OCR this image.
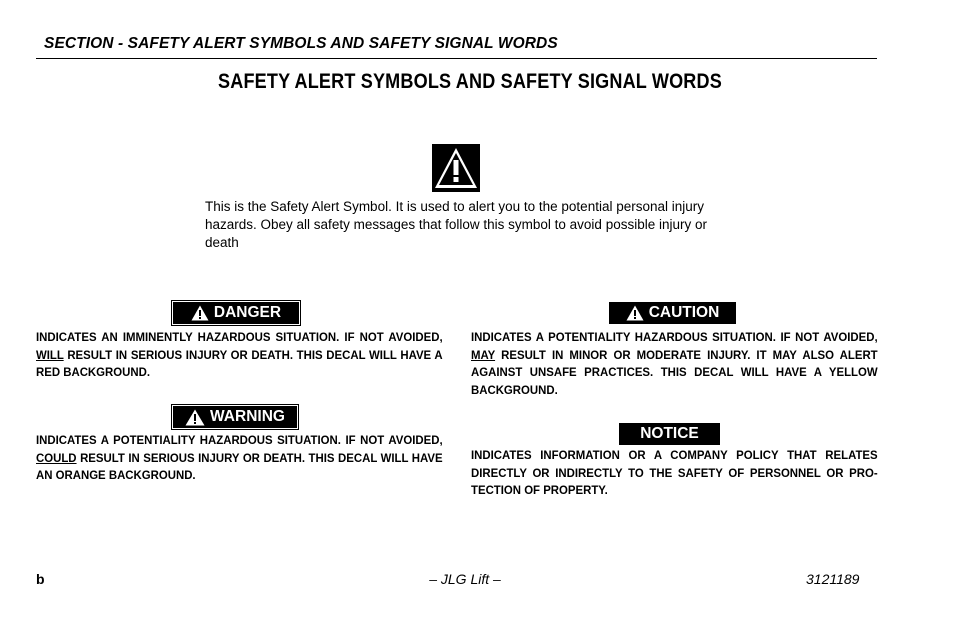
SECTION - SAFETY ALERT SYMBOLS AND SAFETY SIGNAL WORDS
SAFETY ALERT SYMBOLS AND SAFETY SIGNAL WORDS
This is the Safety Alert Symbol. It is used to alert you to the potential personal injury hazards. Obey all safety messages that follow this symbol to avoid possible injury or death
DANGER
INDICATES AN IMMINENTLY HAZARDOUS SITUATION. IF NOT AVOIDED, WILL RESULT IN SERIOUS INJURY OR DEATH. THIS DECAL WILL HAVE A RED BACKGROUND.
WARNING
INDICATES A POTENTIALITY HAZARDOUS SITUATION. IF NOT AVOIDED, COULD RESULT IN SERIOUS INJURY OR DEATH. THIS DECAL WILL HAVE AN ORANGE BACKGROUND.
CAUTION
INDICATES A POTENTIALITY HAZARDOUS SITUATION. IF NOT AVOIDED, MAY RESULT IN MINOR OR MODERATE INJURY. IT MAY ALSO ALERT AGAINST UNSAFE PRACTICES. THIS DECAL WILL HAVE A YELLOW BACKGROUND.
NOTICE
INDICATES INFORMATION OR A COMPANY POLICY THAT RELATES DIRECTLY OR INDIRECTLY TO THE SAFETY OF PERSONNEL OR PRO-TECTION OF PROPERTY.
b	– JLG Lift –	3121189
